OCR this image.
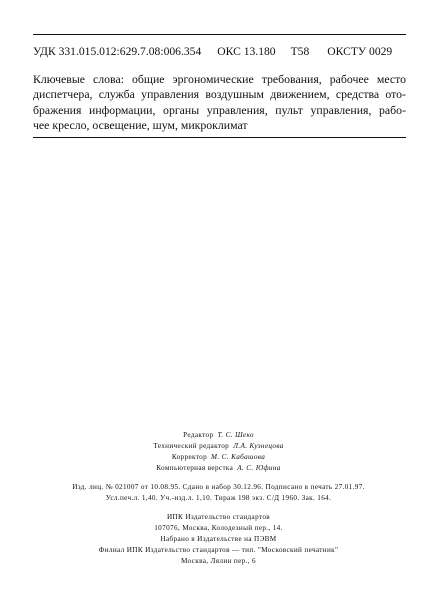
УДК 331.015.012:629.7.08:006.354 ОКС 13.180 Т58 ОКСТУ 0029
Ключевые слова: общие эргономические требования, рабочее место
диспетчера, служба управления воздушным движением, средства ото-
бражения информации, органы управления, пульт управления, рабо-
чее кресло, освещение, шум, микроклимат
Редактор Т. С. Шеко
Технический редактор Л.А. Кузнецова
Корректор М. С. Кабашова
Компьютерная верстка А. С. Юфина
Изд. лиц. № 021007 от 10.08.95. Сдано в набор 30.12.96. Подписано в печать 27.01.97.
Усл.печ.л. 1,40. Уч.-изд.л. 1,10. Тираж 198 экз. С/Д 1960. Зак. 164.
ИПК Издательство стандартов
107076, Москва, Колодезный пер., 14.
Набрано в Издательстве на ПЭВМ
Филиал ИПК Издательство стандартов — тип. "Московский печатник"
Москва, Лялин пер., 6
